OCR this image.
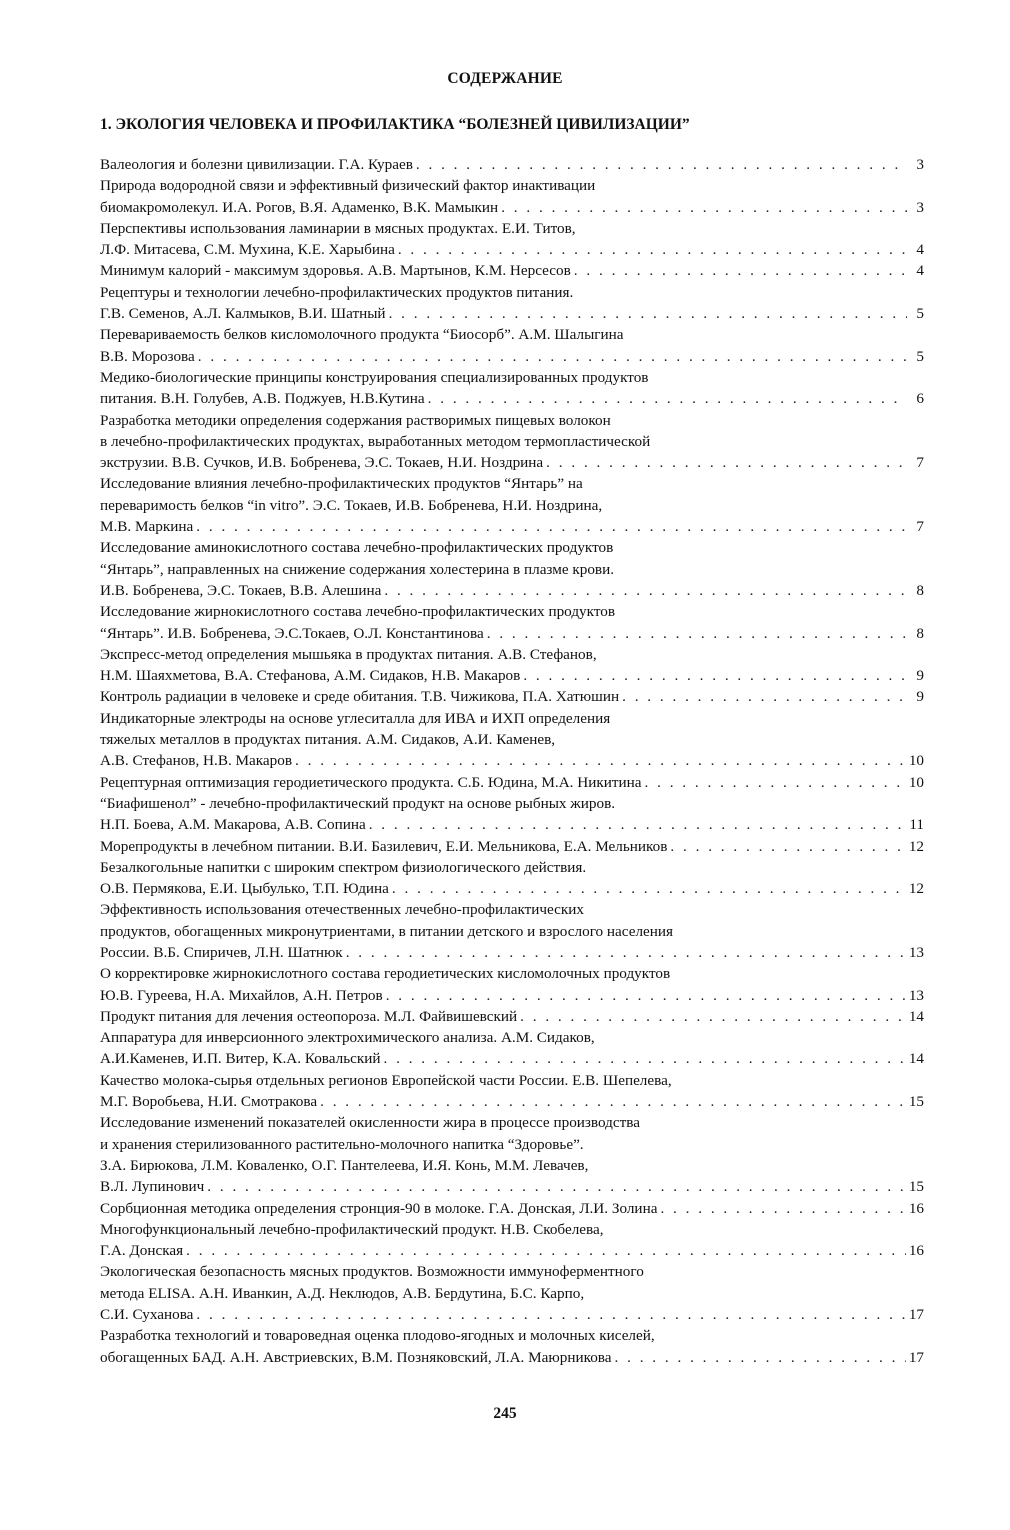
СОДЕРЖАНИЕ
1. ЭКОЛОГИЯ ЧЕЛОВЕКА И ПРОФИЛАКТИКА “БОЛЕЗНЕЙ ЦИВИЛИЗАЦИИ”
Валеология и болезни цивилизации. Г.А. Кураев . . .	3
Природа водородной связи и эффективный физический фактор инактивации
биомакромолекул. И.А. Рогов, В.Я. Адаменко, В.К. Мамыкин . . .	3
Перспективы использования ламинарии в мясных продуктах. Е.И. Титов,
Л.Ф. Митасева, С.М. Мухина, К.Е. Харыбина . . .	4
Минимум калорий - максимум здоровья. А.В. Мартынов, К.М. Нерсесов . . .	4
Рецептуры и технологии лечебно-профилактических продуктов питания.
Г.В. Семенов, А.Л. Калмыков, В.И. Шатный . . .	5
Перевариваемость белков кисломолочного продукта “Биосорб”. А.М. Шалыгина
В.В. Морозова . . .	5
Медико-биологические принципы конструирования специализированных продуктов
питания. В.Н. Голубев, А.В. Поджуев, Н.В.Кутина . . .	6
Разработка методики определения содержания растворимых пищевых волокон
в лечебно-профилактических продуктах, выработанных методом термопластической
экструзии. В.В. Сучков, И.В. Бобренева, Э.С. Токаев, Н.И. Ноздрина . . .	7
Исследование влияния лечебно-профилактических продуктов “Янтарь” на
переваримость белков “in vitro”. Э.С. Токаев, И.В. Бобренева, Н.И. Ноздрина,
М.В. Маркина . . .	7
Исследование аминокислотного состава лечебно-профилактических продуктов
“Янтарь”, направленных на снижение содержания холестерина в плазме крови.
И.В. Бобренева, Э.С. Токаев, В.В. Алешина . . .	8
Исследование жирнокислотного состава лечебно-профилактических продуктов
“Янтарь”. И.В. Бобренева, Э.С.Токаев, О.Л. Константинова . . .	8
Экспресс-метод определения мышьяка в продуктах питания. А.В. Стефанов,
Н.М. Шаяхметова, В.А. Стефанова, А.М. Сидаков, Н.В. Макаров . . .	9
Контроль радиации в человеке и среде обитания. Т.В. Чижикова, П.А. Хатюшин . . .	9
Индикаторные электроды на основе углеситалла для ИВА и ИХП определения
тяжелых металлов в продуктах питания. А.М. Сидаков, А.И. Каменев,
А.В. Стефанов, Н.В. Макаров . . .	10
Рецептурная оптимизация геродиетического продукта. С.Б. Юдина, М.А. Никитина . . .	10
“Биафишенол” - лечебно-профилактический продукт на основе рыбных жиров.
Н.П. Боева, А.М. Макарова, А.В. Сопина . . .	11
Морепродукты в лечебном питании. В.И. Базилевич, Е.И. Мельникова, Е.А. Мельников . . .	12
Безалкогольные напитки с широким спектром физиологического действия.
О.В. Пермякова, Е.И. Цыбулько, Т.П. Юдина . . .	12
Эффективность использования отечественных лечебно-профилактических
продуктов, обогащенных микронутриентами, в питании детского и взрослого населения
России. В.Б. Спиричев, Л.Н. Шатнюк . . .	13
О корректировке жирнокислотного состава геродиетических кисломолочных продуктов
Ю.В. Гуреева, Н.А. Михайлов, А.Н. Петров . . .	13
Продукт питания для лечения остеопороза. М.Л. Файвишевский . . .	14
Аппаратура для инверсионного электрохимического анализа. А.М. Сидаков,
А.И.Каменев, И.П. Витер, К.А. Ковальский . . .	14
Качество молока-сырья отдельных регионов Европейской части России. Е.В. Шепелева,
М.Г. Воробьева, Н.И. Смотракова . . .	15
Исследование изменений показателей окисленности жира в процессе производства
и хранения стерилизованного растительно-молочного напитка “Здоровье”.
З.А. Бирюкова, Л.М. Коваленко, О.Г. Пантелеева, И.Я. Конь, М.М. Левачев,
В.Л. Лупинович . . .	15
Сорбционная методика определения стронция-90 в молоке. Г.А. Донская, Л.И. Золина . . .	16
Многофункциональный лечебно-профилактический продукт. Н.В. Скобелева,
Г.А. Донская . . .	16
Экологическая безопасность мясных продуктов. Возможности иммуноферментного
метода ELISA. А.Н. Иванкин, А.Д. Неклюдов, А.В. Бердутина, Б.С. Карпо,
С.И. Суханова . . .	17
Разработка технологий и товароведная оценка плодово-ягодных и молочных киселей,
обогащенных БАД. А.Н. Австриевских, В.М. Позняковский, Л.А. Маюрникова . . .	17
245
